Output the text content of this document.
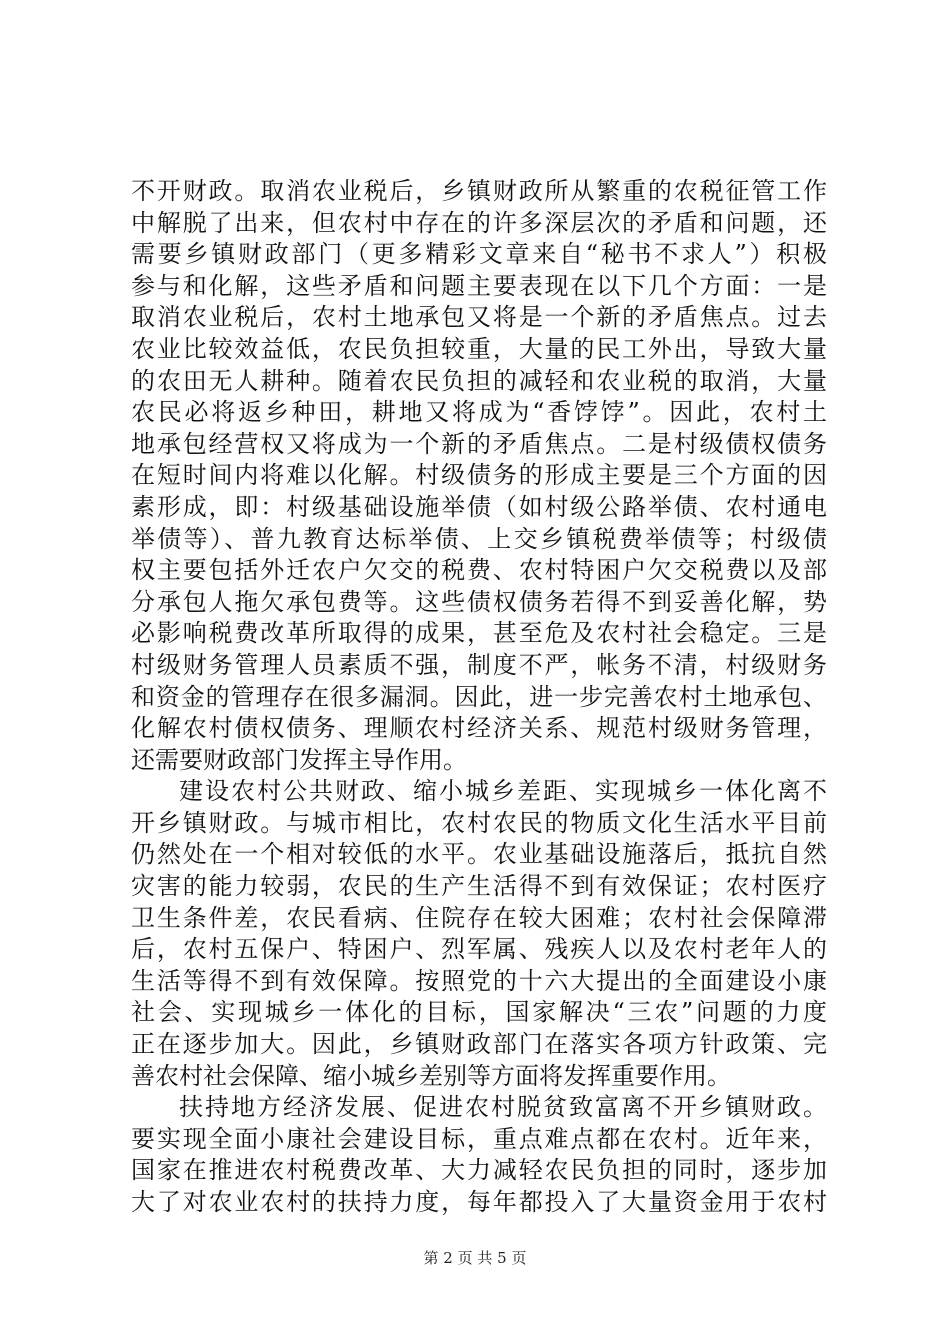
不开财政。取消农业税后，乡镇财政所从繁重的农税征管工作
中解脱了出来，但农村中存在的许多深层次的矛盾和问题，还
需要乡镇财政部门（更多精彩文章来自“秘书不求人”）积极
参与和化解，这些矛盾和问题主要表现在以下几个方面：一是
取消农业税后，农村土地承包又将是一个新的矛盾焦点。过去
农业比较效益低，农民负担较重，大量的民工外出，导致大量
的农田无人耕种。随着农民负担的减轻和农业税的取消，大量
农民必将返乡种田，耕地又将成为“香饽饽”。因此，农村土
地承包经营权又将成为一个新的矛盾焦点。二是村级债权债务
在短时间内将难以化解。村级债务的形成主要是三个方面的因
素形成，即：村级基础设施举债（如村级公路举债、农村通电
举债等）、普九教育达标举债、上交乡镇税费举债等；村级债
权主要包括外迁农户欠交的税费、农村特困户欠交税费以及部
分承包人拖欠承包费等。这些债权债务若得不到妥善化解，势
必影响税费改革所取得的成果，甚至危及农村社会稳定。三是
村级财务管理人员素质不强，制度不严，帐务不清，村级财务
和资金的管理存在很多漏洞。因此，进一步完善农村土地承包、
化解农村债权债务、理顺农村经济关系、规范村级财务管理，
还需要财政部门发挥主导作用。
建设农村公共财政、缩小城乡差距、实现城乡一体化离不
开乡镇财政。与城市相比，农村农民的物质文化生活水平目前
仍然处在一个相对较低的水平。农业基础设施落后，抵抗自然
灾害的能力较弱，农民的生产生活得不到有效保证；农村医疗
卫生条件差，农民看病、住院存在较大困难；农村社会保障滞
后，农村五保户、特困户、烈军属、残疾人以及农村老年人的
生活等得不到有效保障。按照党的十六大提出的全面建设小康
社会、实现城乡一体化的目标，国家解决“三农”问题的力度
正在逐步加大。因此，乡镇财政部门在落实各项方针政策、完
善农村社会保障、缩小城乡差别等方面将发挥重要作用。
扶持地方经济发展、促进农村脱贫致富离不开乡镇财政。
要实现全面小康社会建设目标，重点难点都在农村。近年来，
国家在推进农村税费改革、大力减轻农民负担的同时，逐步加
大了对农业农村的扶持力度，每年都投入了大量资金用于农村
第 2 页 共 5 页
